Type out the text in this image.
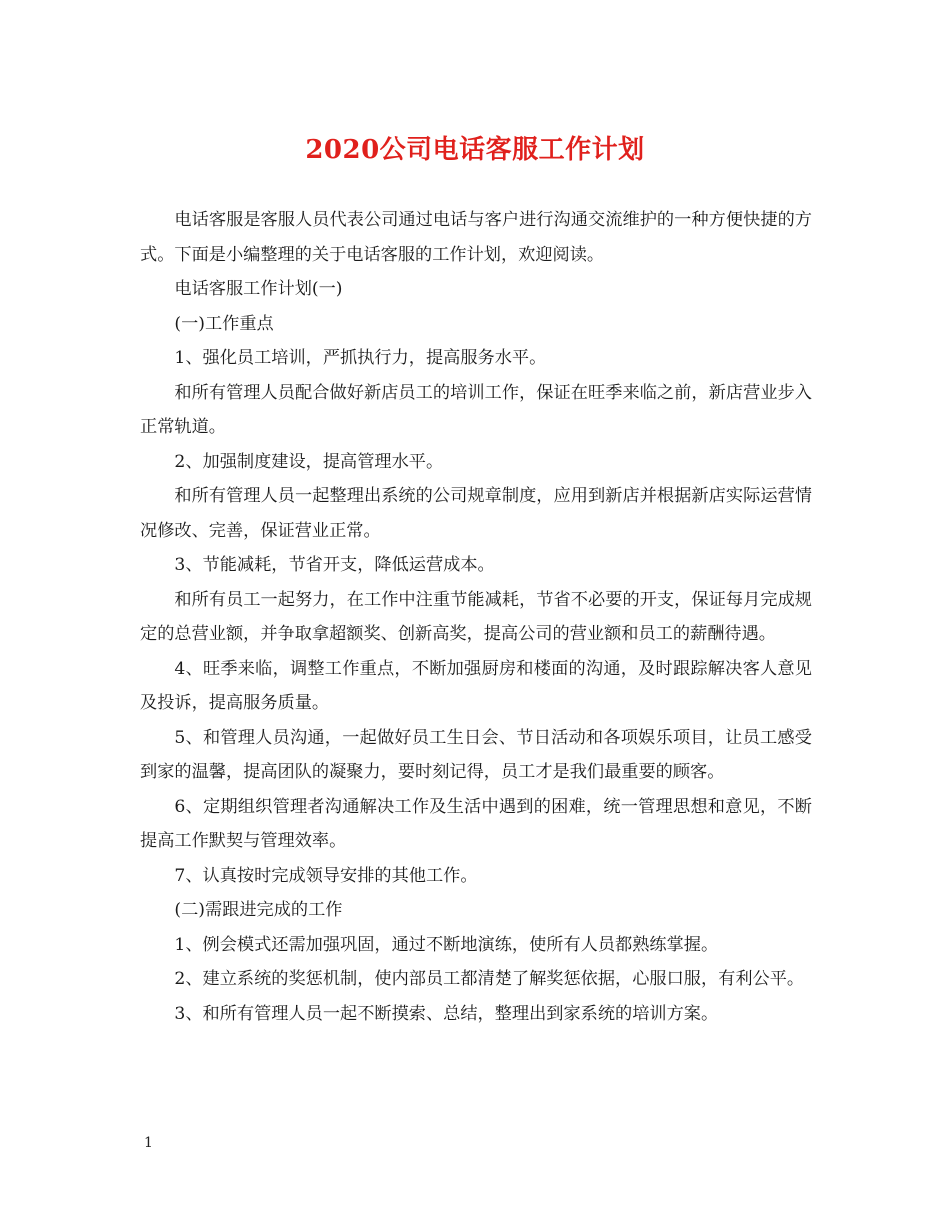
2020公司电话客服工作计划

电话客服是客服人员代表公司通过电话与客户进行沟通交流维护的一种方便快捷的方式。下面是小编整理的关于电话客服的工作计划，欢迎阅读。

电话客服工作计划(一)

(一)工作重点

1、强化员工培训，严抓执行力，提高服务水平。

和所有管理人员配合做好新店员工的培训工作，保证在旺季来临之前，新店营业步入正常轨道。

2、加强制度建设，提高管理水平。

和所有管理人员一起整理出系统的公司规章制度，应用到新店并根据新店实际运营情况修改、完善，保证营业正常。

3、节能减耗，节省开支，降低运营成本。

和所有员工一起努力，在工作中注重节能减耗，节省不必要的开支，保证每月完成规定的总营业额，并争取拿超额奖、创新高奖，提高公司的营业额和员工的薪酬待遇。

4、旺季来临，调整工作重点，不断加强厨房和楼面的沟通，及时跟踪解决客人意见及投诉，提高服务质量。

5、和管理人员沟通，一起做好员工生日会、节日活动和各项娱乐项目，让员工感受到家的温馨，提高团队的凝聚力，要时刻记得，员工才是我们最重要的顾客。

6、定期组织管理者沟通解决工作及生活中遇到的困难，统一管理思想和意见，不断提高工作默契与管理效率。

7、认真按时完成领导安排的其他工作。

(二)需跟进完成的工作

1、例会模式还需加强巩固，通过不断地演练，使所有人员都熟练掌握。

2、建立系统的奖惩机制，使内部员工都清楚了解奖惩依据，心服口服，有利公平。

3、和所有管理人员一起不断摸索、总结，整理出到家系统的培训方案。

1
